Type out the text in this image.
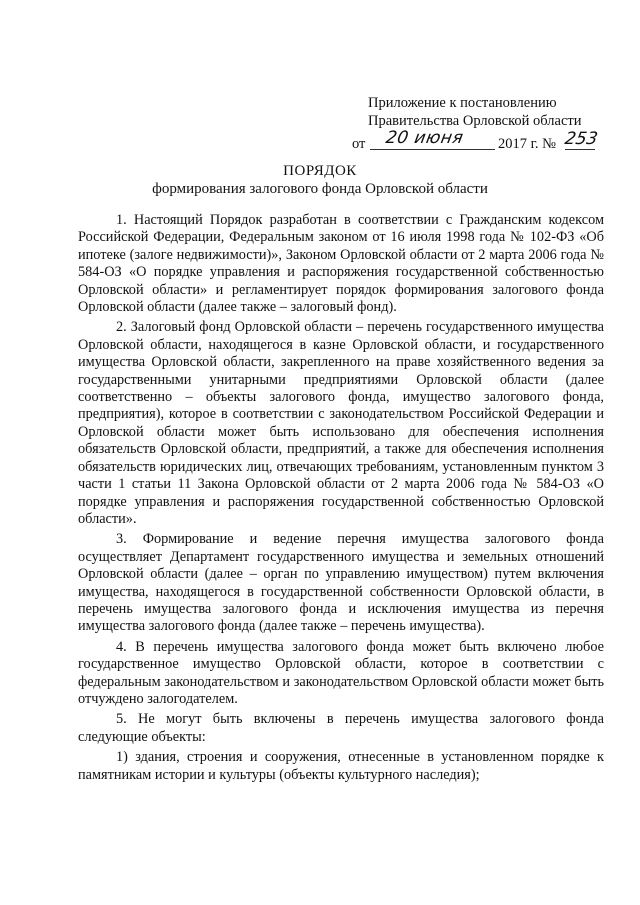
Приложение к постановлению
Правительства Орловской области
от 20 июня 2017 г. № 253
ПОРЯДОК
формирования залогового фонда Орловской области

1. Настоящий Порядок разработан в соответствии с Гражданским кодексом Российской Федерации, Федеральным законом от 16 июля 1998 года № 102-ФЗ «Об ипотеке (залоге недвижимости)», Законом Орловской области от 2 марта 2006 года № 584-ОЗ «О порядке управления и распоряжения государственной собственностью Орловской области» и регламентирует порядок формирования залогового фонда Орловской области (далее также – залоговый фонд).

2. Залоговый фонд Орловской области – перечень государственного имущества Орловской области, находящегося в казне Орловской области, и государственного имущества Орловской области, закрепленного на праве хозяйственного ведения за государственными унитарными предприятиями Орловской области (далее соответственно – объекты залогового фонда, имущество залогового фонда, предприятия), которое в соответствии с законодательством Российской Федерации и Орловской области может быть использовано для обеспечения исполнения обязательств Орловской области, предприятий, а также для обеспечения исполнения обязательств юридических лиц, отвечающих требованиям, установленным пунктом 3 части 1 статьи 11 Закона Орловской области от 2 марта 2006 года № 584-ОЗ «О порядке управления и распоряжения государственной собственностью Орловской области».

3. Формирование и ведение перечня имущества залогового фонда осуществляет Департамент государственного имущества и земельных отношений Орловской области (далее – орган по управлению имуществом) путем включения имущества, находящегося в государственной собственности Орловской области, в перечень имущества залогового фонда и исключения имущества из перечня имущества залогового фонда (далее также – перечень имущества).

4. В перечень имущества залогового фонда может быть включено любое государственное имущество Орловской области, которое в соответствии с федеральным законодательством и законодательством Орловской области может быть отчуждено залогодателем.

5. Не могут быть включены в перечень имущества залогового фонда следующие объекты:

1) здания, строения и сооружения, отнесенные в установленном порядке к памятникам истории и культуры (объекты культурного наследия);
